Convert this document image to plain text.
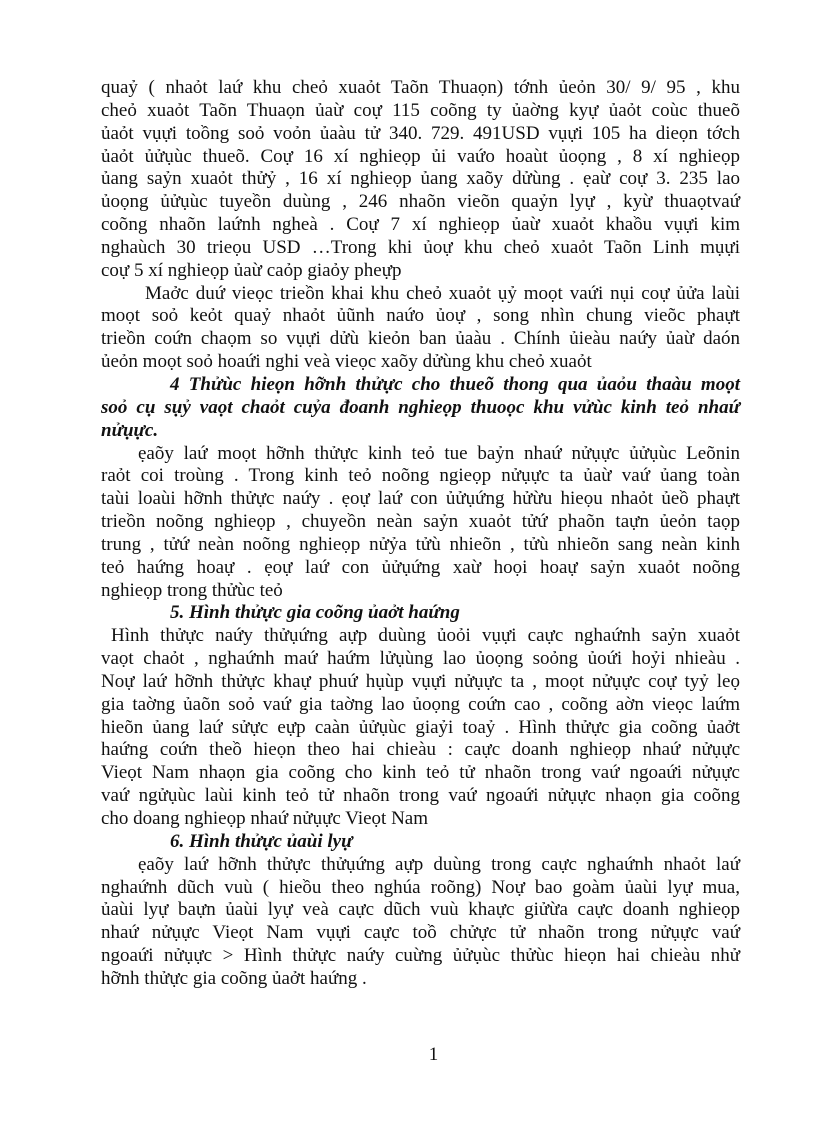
quaỷ ( nhaỏt laứ khu cheỏ xuaỏt Taõn Thuaọn) tớnh ủeỏn 30/ 9/ 95 , khu
cheỏ xuaỏt Taõn Thuaọn ủaừ coự 115 coõng ty ủaờng kyự ủaỏt coùc thueõ
ủaỏt vụựi toồng soỏ voỏn ủaàu tử 340. 729. 491USD vụựi 105 ha dieọn tớch
ủaỏt ủửụùc thueõ. Coự 16 xí nghieọp ủi vaứo hoaùt ủoọng , 8 xí nghieọp
ủang saỷn xuaỏt thửỷ , 16 xí nghieọp ủang xaõy dửùng . ẹaừ coự 3. 235 lao
ủoọng ủửụùc tuyeồn duùng , 246 nhaõn vieõn quaỷn lyự , kyừ thuaọtvaứ
coõng nhaõn laứnh ngheà . Coự 7 xí nghieọp ủaừ xuaỏt khaồu vụựi kim
nghaùch 30 trieọu USD …Trong khi ủoự khu cheỏ xuaỏt Taõn Linh mụựi
coự 5 xí nghieọp ủaừ caỏp giaỏy pheựp
Maởc duứ vieọc trieồn khai khu cheỏ xuaỏt ụỷ moọt vaứi nụi coự ủửa laùi
moọt soỏ keỏt quaỷ nhaỏt ủũnh naứo ủoự , song nhìn chung vieõc phaựt
trieồn coứn chaọm so vụựi dửù kieỏn ban ủaàu . Chính ủieàu naứy ủaừ daón
ủeỏn moọt soỏ hoaứi nghi veà vieọc xaõy dửùng khu cheỏ xuaỏt
4 Thửùc hieọn hỡnh thửực cho thueõ thong qua ủaỏu thaàu moọt
soỏ cụ sụỷ vaọt chaỏt cuỷa đoanh nghieọp thuoọc khu vửùc kinh teỏ nhaứ
nửụực.
ẹaõy laứ moọt hỡnh thửực kinh teỏ tue baỷn nhaứ nửụực ủửụùc Leõnin
raỏt coi troùng . Trong kinh teỏ noõng ngieọp nửụực ta ủaừ vaứ ủang toàn
taùi loaùi hỡnh thửực naứy . ẹoự laứ con ủửụứng hửừu hieọu nhaỏt ủeồ phaựt
trieồn noõng nghieọp , chuyeồn neàn saỷn xuaỏt tửứ phaõn taựn ủeỏn taọp
trung , tửứ neàn noõng nghieọp nửỷa tửù nhieõn , tửù nhieõn sang neàn kinh
teỏ haứng hoaự . ẹoự laứ con ủửụứng xaừ hoọi hoaự saỷn xuaỏt noõng
nghieọp trong thửùc teỏ
5. Hình thửực gia coõng ủaởt haứng
Hình thửực naứy thửụứng aựp duùng ủoỏi vụựi caực nghaứnh saỷn xuaỏt
vaọt chaỏt , nghaứnh maứ haứm lửụùng lao ủoọng soỏng ủoứi hoỷi nhieàu .
Noự laứ hỡnh thửực khaự phuứ hụùp vụựi nửụực ta , moọt nửụực coự tyỷ leọ
gia taờng ủaõn soỏ vaứ gia taờng lao ủoọng coứn cao , coõng aờn vieọc laứm
hieõn ủang laứ sửực eựp caàn ủửụùc giaỷi toaỷ . Hình thửực gia coõng ủaởt
haứng coứn theồ hieọn theo hai chieàu : caực doanh nghieọp nhaứ nửụực
Vieọt Nam nhaọn gia coõng cho kinh teỏ tử nhaõn trong vaứ ngoaứi nửụực
vaứ ngửụùc laùi kinh teỏ tử nhaõn trong vaứ ngoaứi nửụực nhaọn gia coõng
cho doang nghieọp nhaứ nửụực Vieọt Nam
6. Hình thửực ủaùi lyự
ẹaõy laứ hỡnh thửực thửụứng aựp duùng trong caực nghaứnh nhaỏt laứ
nghaứnh dũch vuù ( hieồu theo nghúa roõng) Noự bao goàm ủaùi lyự mua,
ủaùi lyự baựn ủaùi lyự veà caực dũch vuù khaực giửừa caực doanh nghieọp
nhaứ nửụực Vieọt Nam vụựi caực toồ chửực tử nhaõn trong nửụực vaứ
ngoaứi nửụực > Hình thửực naứy cuừng ủửụùc thửùc hieọn hai chieàu nhử
hỡnh thửực gia coõng ủaởt haứng .
1
